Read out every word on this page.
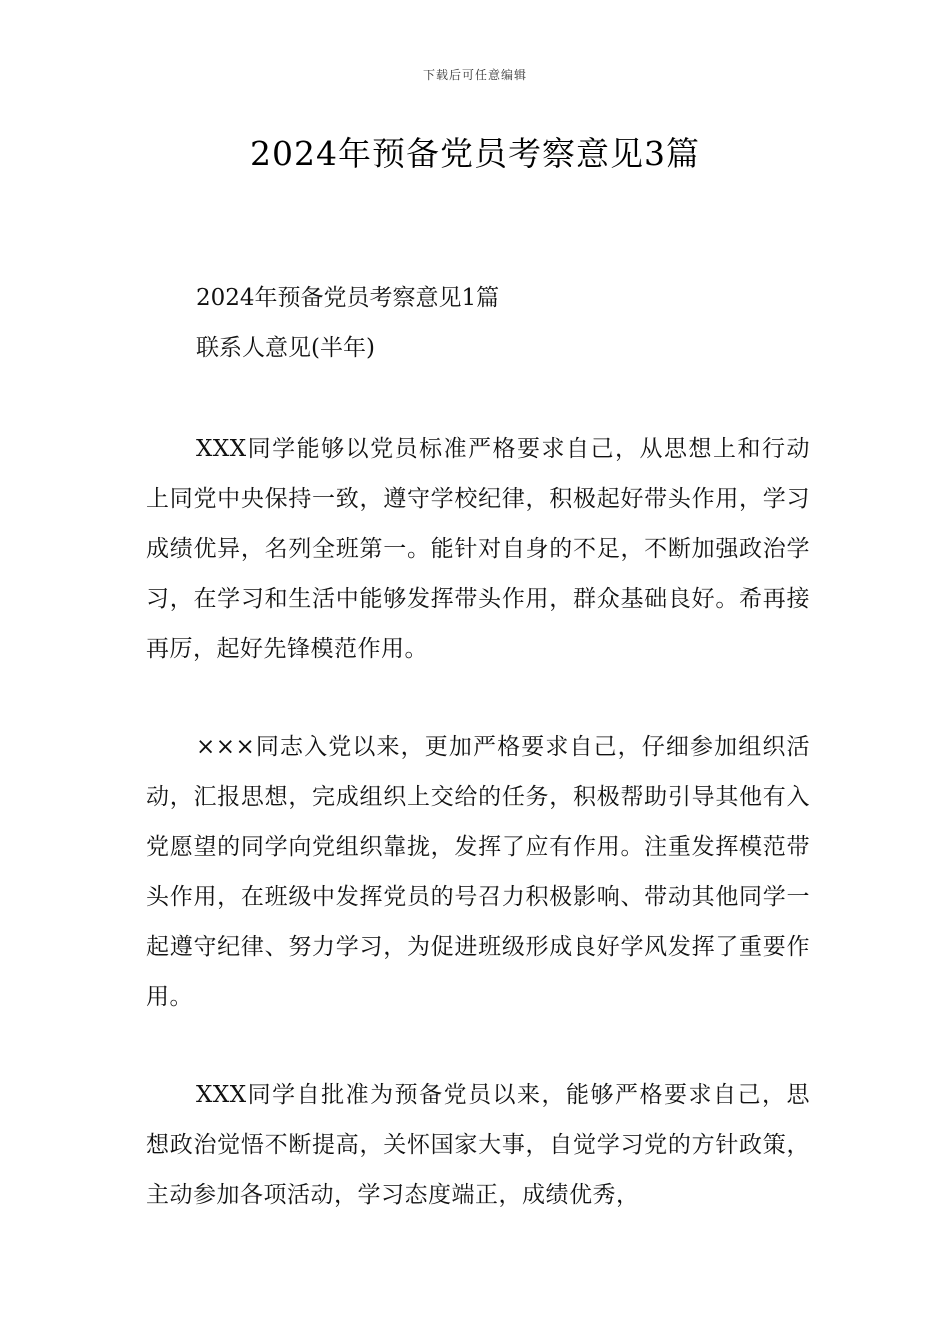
下载后可任意编辑
2024年预备党员考察意见3篇

2024年预备党员考察意见1篇

联系人意见(半年)

XXX同学能够以党员标准严格要求自己，从思想上和行动上同党中央保持一致，遵守学校纪律，积极起好带头作用，学习成绩优异，名列全班第一。能针对自身的不足，不断加强政治学习，在学习和生活中能够发挥带头作用，群众基础良好。希再接再厉，起好先锋模范作用。

×××同志入党以来，更加严格要求自己，仔细参加组织活动，汇报思想，完成组织上交给的任务，积极帮助引导其他有入党愿望的同学向党组织靠拢，发挥了应有作用。注重发挥模范带头作用，在班级中发挥党员的号召力积极影响、带动其他同学一起遵守纪律、努力学习，为促进班级形成良好学风发挥了重要作用。

XXX同学自批准为预备党员以来，能够严格要求自己，思想政治觉悟不断提高，关怀国家大事，自觉学习党的方针政策，主动参加各项活动，学习态度端正，成绩优秀，
